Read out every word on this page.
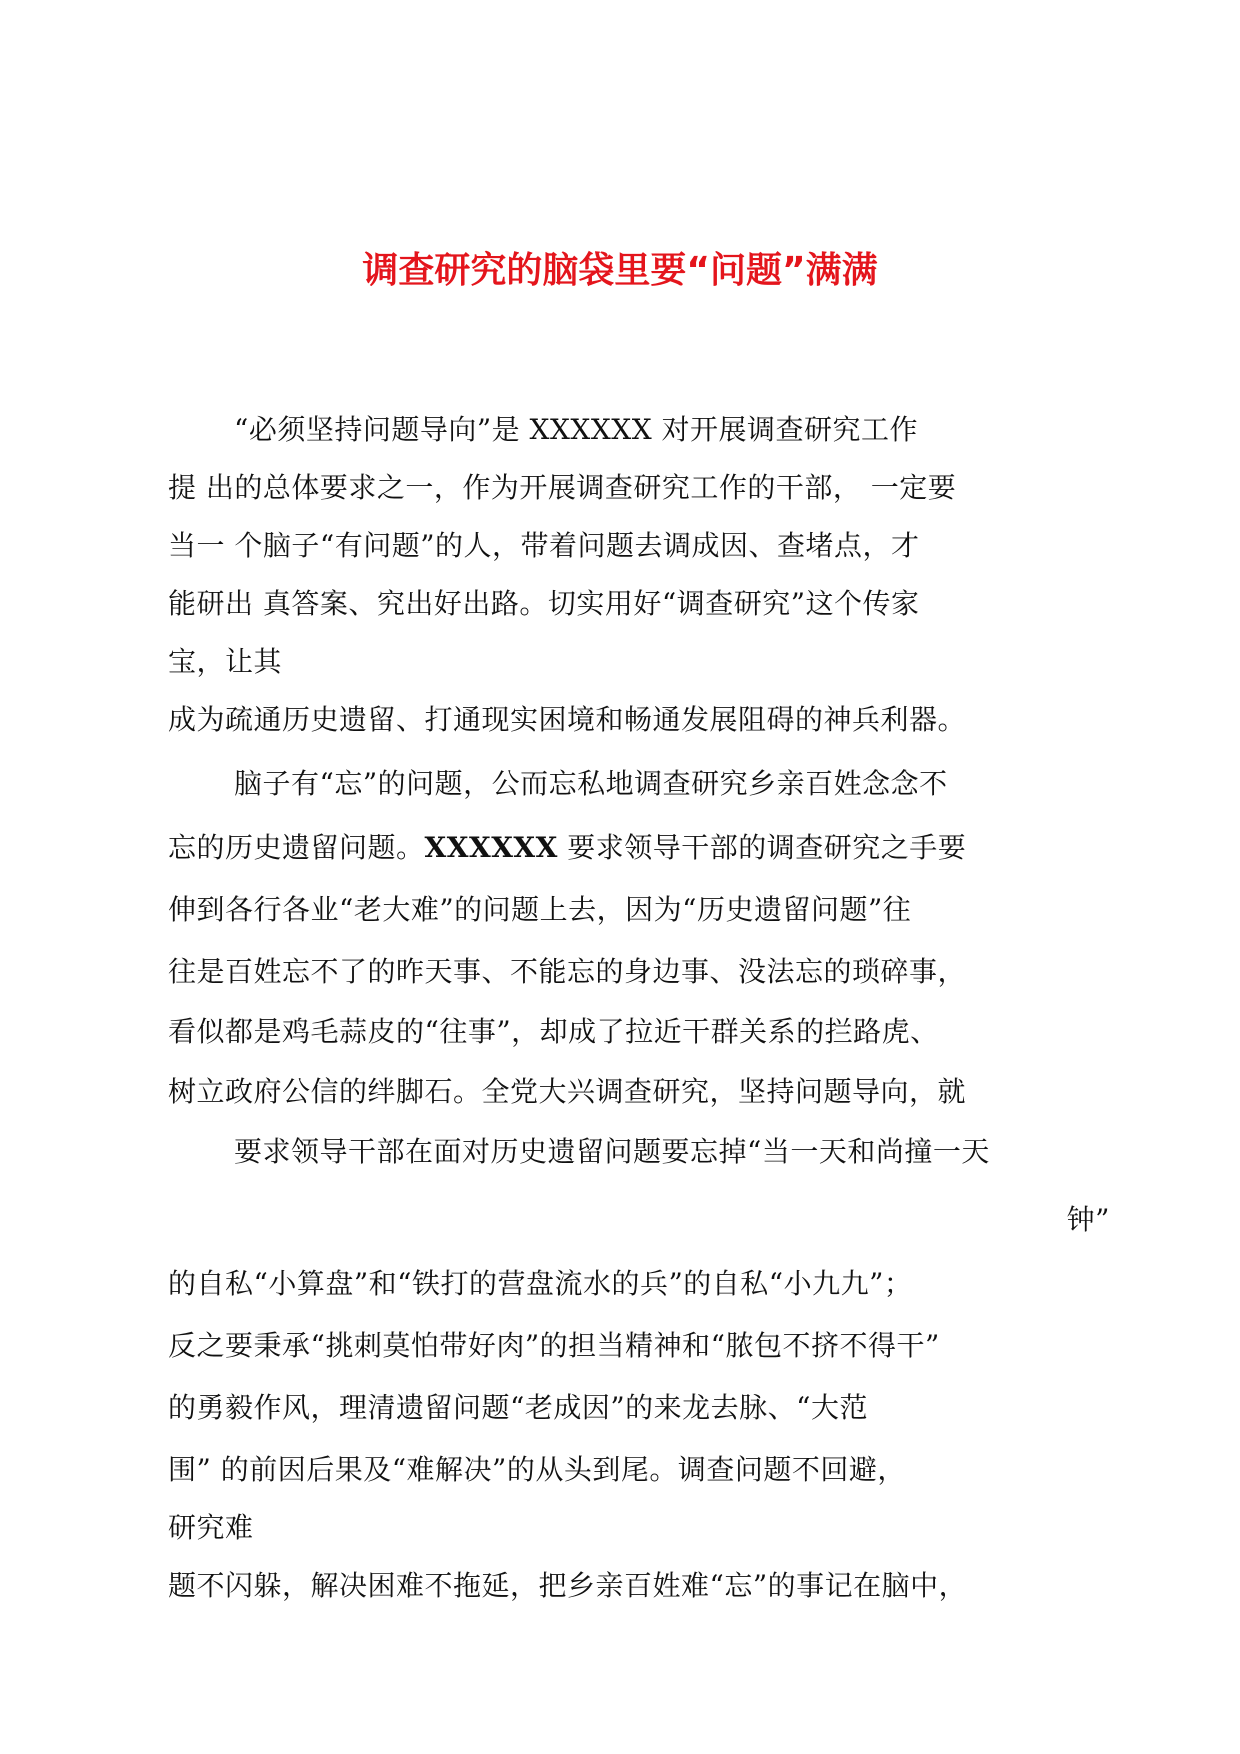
调查研究的脑袋里要“问题”满满

“必须坚持问题导向”是 XXXXXX 对开展调查研究工作

提 出的总体要求之一，作为开展调查研究工作的干部， 一定要

当一 个脑子“有问题”的人，带着问题去调成因、查堵点，才

能研出 真答案、究出好出路。切实用好“调查研究”这个传家

宝，让其

成为疏通历史遗留、打通现实困境和畅通发展阻碍的神兵利器。

脑子有“忘”的问题，公而忘私地调查研究乡亲百姓念念不

忘的历史遗留问题。XXXXXX 要求领导干部的调查研究之手要

伸到各行各业“老大难”的问题上去，因为“历史遗留问题”往

往是百姓忘不了的昨天事、不能忘的身边事、没法忘的琐碎事，

看似都是鸡毛蒜皮的“往事”，却成了拉近干群关系的拦路虎、

树立政府公信的绊脚石。全党大兴调查研究，坚持问题导向，就

要求领导干部在面对历史遗留问题要忘掉“当一天和尚撞一天

钟”

的自私“小算盘”和“铁打的营盘流水的兵”的自私“小九九”；

反之要秉承“挑刺莫怕带好肉”的担当精神和“脓包不挤不得干”

的勇毅作风，理清遗留问题“老成因”的来龙去脉、“大范

围” 的前因后果及“难解决”的从头到尾。调查问题不回避，

研究难

题不闪躲，解决困难不拖延，把乡亲百姓难“忘”的事记在脑中，
